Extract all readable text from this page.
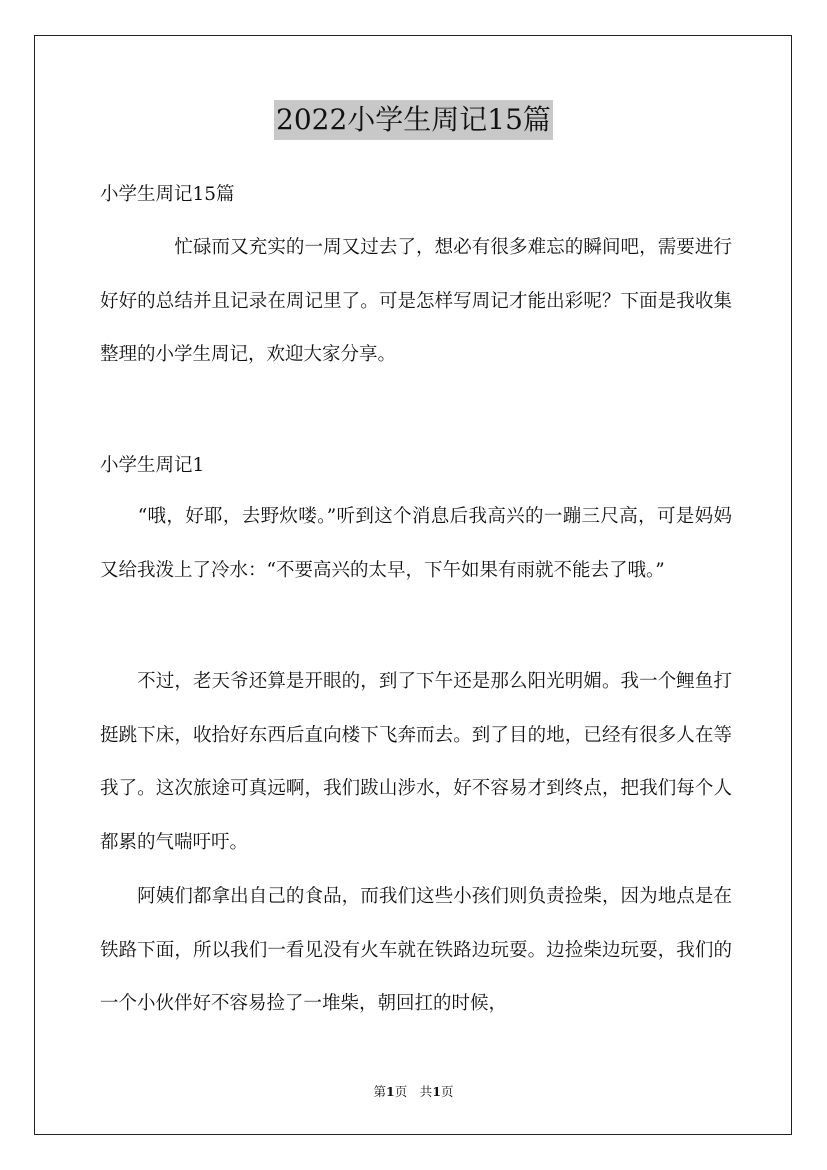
2022小学生周记15篇

小学生周记15篇

　　　　忙碌而又充实的一周又过去了，想必有很多难忘的瞬间吧，需要进行好好的总结并且记录在周记里了。可是怎样写周记才能出彩呢？下面是我收集整理的小学生周记，欢迎大家分享。

小学生周记1

　　“哦，好耶，去野炊喽。”听到这个消息后我高兴的一蹦三尺高，可是妈妈又给我泼上了冷水：“不要高兴的太早，下午如果有雨就不能去了哦。”

　　不过，老天爷还算是开眼的，到了下午还是那么阳光明媚。我一个鲤鱼打挺跳下床，收拾好东西后直向楼下飞奔而去。到了目的地，已经有很多人在等我了。这次旅途可真远啊，我们跋山涉水，好不容易才到终点，把我们每个人都累的气喘吁吁。

　　阿姨们都拿出自己的食品，而我们这些小孩们则负责捡柴，因为地点是在铁路下面，所以我们一看见没有火车就在铁路边玩耍。边捡柴边玩耍，我们的一个小伙伴好不容易捡了一堆柴，朝回扛的时候，

第1页　共1页
